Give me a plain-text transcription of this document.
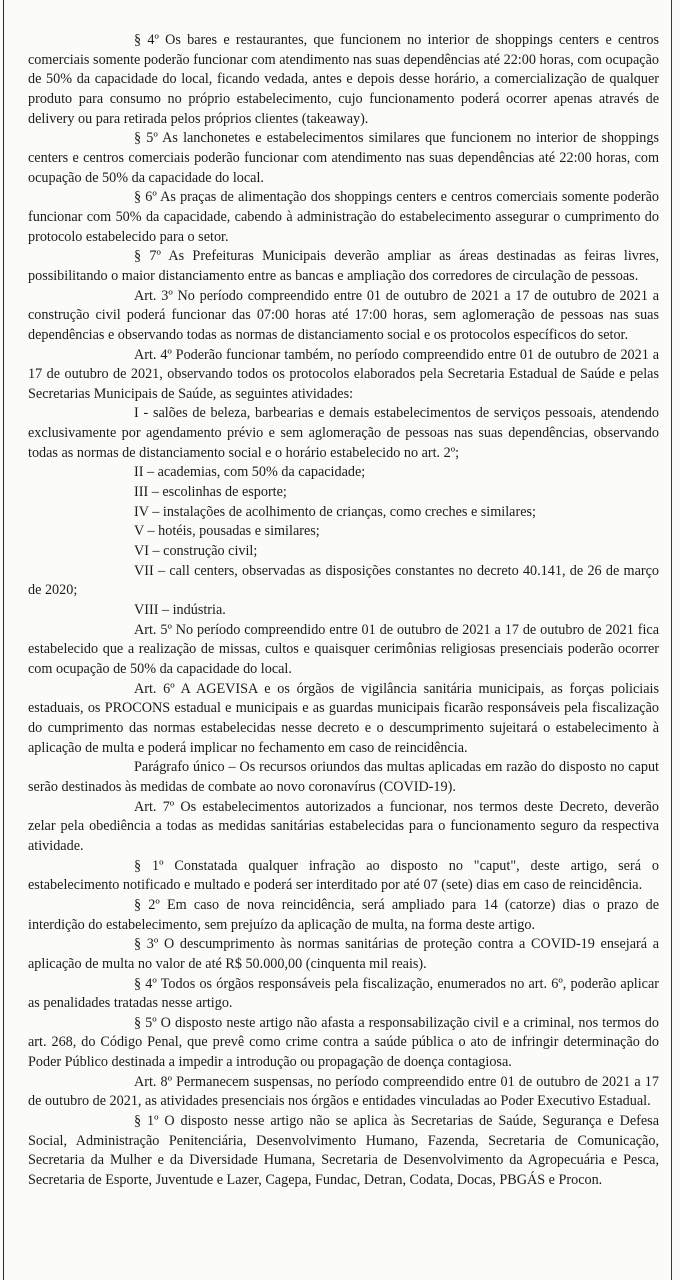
§ 4º Os bares e restaurantes, que funcionem no interior de shoppings centers e centros comerciais somente poderão funcionar com atendimento nas suas dependências até 22:00 horas, com ocupação de 50% da capacidade do local, ficando vedada, antes e depois desse horário, a comercialização de qualquer produto para consumo no próprio estabelecimento, cujo funcionamento poderá ocorrer apenas através de delivery ou para retirada pelos próprios clientes (takeaway).

§ 5º As lanchonetes e estabelecimentos similares que funcionem no interior de shoppings centers e centros comerciais poderão funcionar com atendimento nas suas dependências até 22:00 horas, com ocupação de 50% da capacidade do local.

§ 6º As praças de alimentação dos shoppings centers e centros comerciais somente poderão funcionar com 50% da capacidade, cabendo à administração do estabelecimento assegurar o cumprimento do protocolo estabelecido para o setor.

§ 7º As Prefeituras Municipais deverão ampliar as áreas destinadas as feiras livres, possibilitando o maior distanciamento entre as bancas e ampliação dos corredores de circulação de pessoas.

Art. 3º No período compreendido entre 01 de outubro de 2021 a 17 de outubro de 2021 a construção civil poderá funcionar das 07:00 horas até 17:00 horas, sem aglomeração de pessoas nas suas dependências e observando todas as normas de distanciamento social e os protocolos específicos do setor.

Art. 4º Poderão funcionar também, no período compreendido entre 01 de outubro de 2021 a 17 de outubro de 2021, observando todos os protocolos elaborados pela Secretaria Estadual de Saúde e pelas Secretarias Municipais de Saúde, as seguintes atividades:

I - salões de beleza, barbearias e demais estabelecimentos de serviços pessoais, atendendo exclusivamente por agendamento prévio e sem aglomeração de pessoas nas suas dependências, observando todas as normas de distanciamento social e o horário estabelecido no art. 2º;

II – academias, com 50% da capacidade;

III – escolinhas de esporte;

IV – instalações de acolhimento de crianças, como creches e similares;

V – hotéis, pousadas e similares;

VI – construção civil;

VII – call centers, observadas as disposições constantes no decreto 40.141, de 26 de março de 2020;

VIII – indústria.

Art. 5º No período compreendido entre 01 de outubro de 2021 a 17 de outubro de 2021 fica estabelecido que a realização de missas, cultos e quaisquer cerimônias religiosas presenciais poderão ocorrer com ocupação de 50% da capacidade do local.

Art. 6º A AGEVISA e os órgãos de vigilância sanitária municipais, as forças policiais estaduais, os PROCONS estadual e municipais e as guardas municipais ficarão responsáveis pela fiscalização do cumprimento das normas estabelecidas nesse decreto e o descumprimento sujeitará o estabelecimento à aplicação de multa e poderá implicar no fechamento em caso de reincidência.

Parágrafo único – Os recursos oriundos das multas aplicadas em razão do disposto no caput serão destinados às medidas de combate ao novo coronavírus (COVID-19).

Art. 7º Os estabelecimentos autorizados a funcionar, nos termos deste Decreto, deverão zelar pela obediência a todas as medidas sanitárias estabelecidas para o funcionamento seguro da respectiva atividade.

§ 1º Constatada qualquer infração ao disposto no "caput", deste artigo, será o estabelecimento notificado e multado e poderá ser interditado por até 07 (sete) dias em caso de reincidência.

§ 2º Em caso de nova reincidência, será ampliado para 14 (catorze) dias o prazo de interdição do estabelecimento, sem prejuízo da aplicação de multa, na forma deste artigo.

§ 3º O descumprimento às normas sanitárias de proteção contra a COVID-19 ensejará a aplicação de multa no valor de até R$ 50.000,00 (cinquenta mil reais).

§ 4º Todos os órgãos responsáveis pela fiscalização, enumerados no art. 6º, poderão aplicar as penalidades tratadas nesse artigo.

§ 5º O disposto neste artigo não afasta a responsabilização civil e a criminal, nos termos do art. 268, do Código Penal, que prevê como crime contra a saúde pública o ato de infringir determinação do Poder Público destinada a impedir a introdução ou propagação de doença contagiosa.

Art. 8º Permanecem suspensas, no período compreendido entre 01 de outubro de 2021 a 17 de outubro de 2021, as atividades presenciais nos órgãos e entidades vinculadas ao Poder Executivo Estadual.

§ 1º O disposto nesse artigo não se aplica às Secretarias de Saúde, Segurança e Defesa Social, Administração Penitenciária, Desenvolvimento Humano, Fazenda, Secretaria de Comunicação, Secretaria da Mulher e da Diversidade Humana, Secretaria de Desenvolvimento da Agropecuária e Pesca, Secretaria de Esporte, Juventude e Lazer, Cagepa, Fundac, Detran, Codata, Docas, PBGÁS e Procon.
